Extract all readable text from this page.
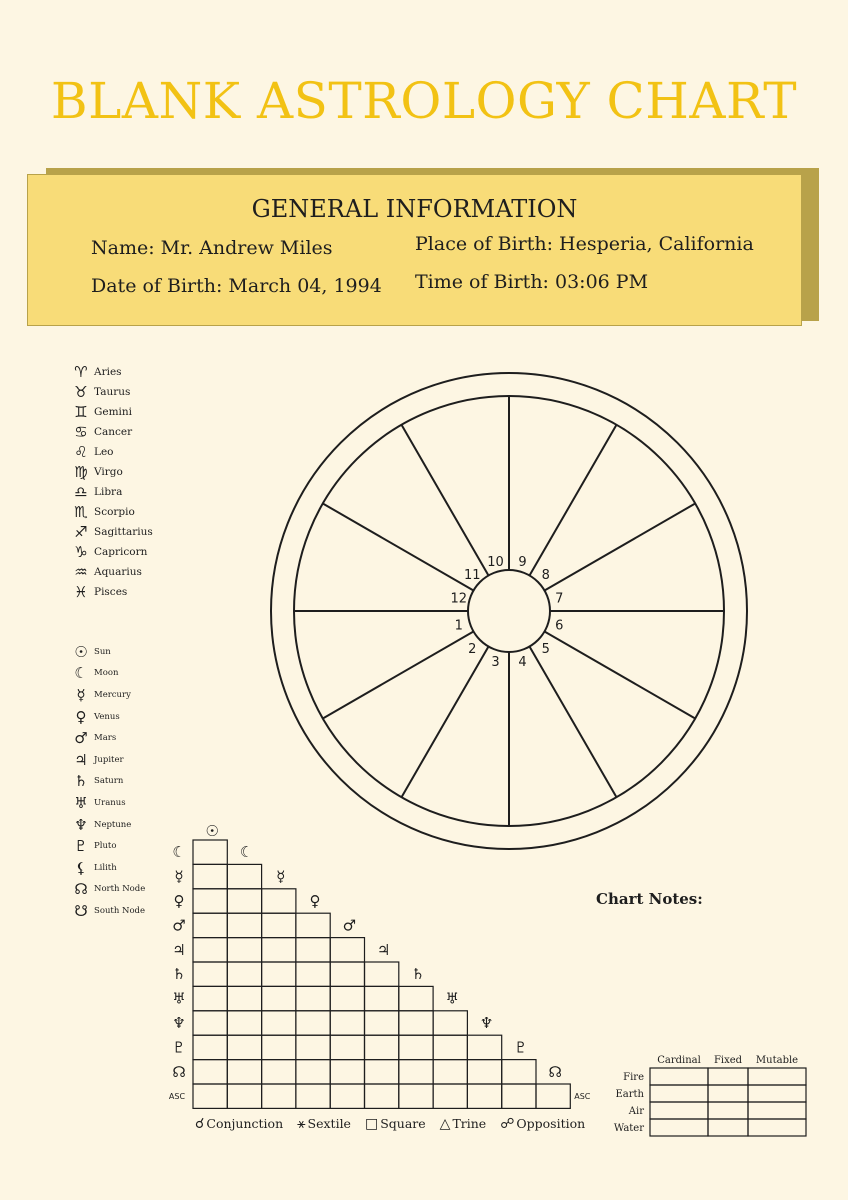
BLANK ASTROLOGY CHART
GENERAL INFORMATION
Name: Mr. Andrew Miles
Date of Birth: March 04, 1994
Place of Birth: Hesperia, California
Time of Birth: 03:06 PM
♈ Aries
♉ Taurus
♊ Gemini
♋ Cancer
♌ Leo
♍ Virgo
♎ Libra
♏ Scorpio
♐ Sagittarius
♑ Capricorn
♒ Aquarius
♓ Pisces
☉ Sun
☾ Moon
☿ Mercury
♀ Venus
♂ Mars
♃ Jupiter
♄ Saturn
♅ Uranus
♆ Neptune
♇ Pluto
⚸ Lilith
☊ North Node
☋ South Node
1
2
3 4
5
6
7
8
9
10
11
12
☉
☾	☾
☿	☿
♀	♀
♂	♂
♃	♃
♄	♄
♅	♅
♆	♆
♇	♇
☊	☊
ASC	ASC
Chart Notes:
Cardinal Fixed Mutable
Fire
Earth
Air
Water
☌ Conjunction ⚹ Sextile □ Square △ Trine ☍ Opposition
